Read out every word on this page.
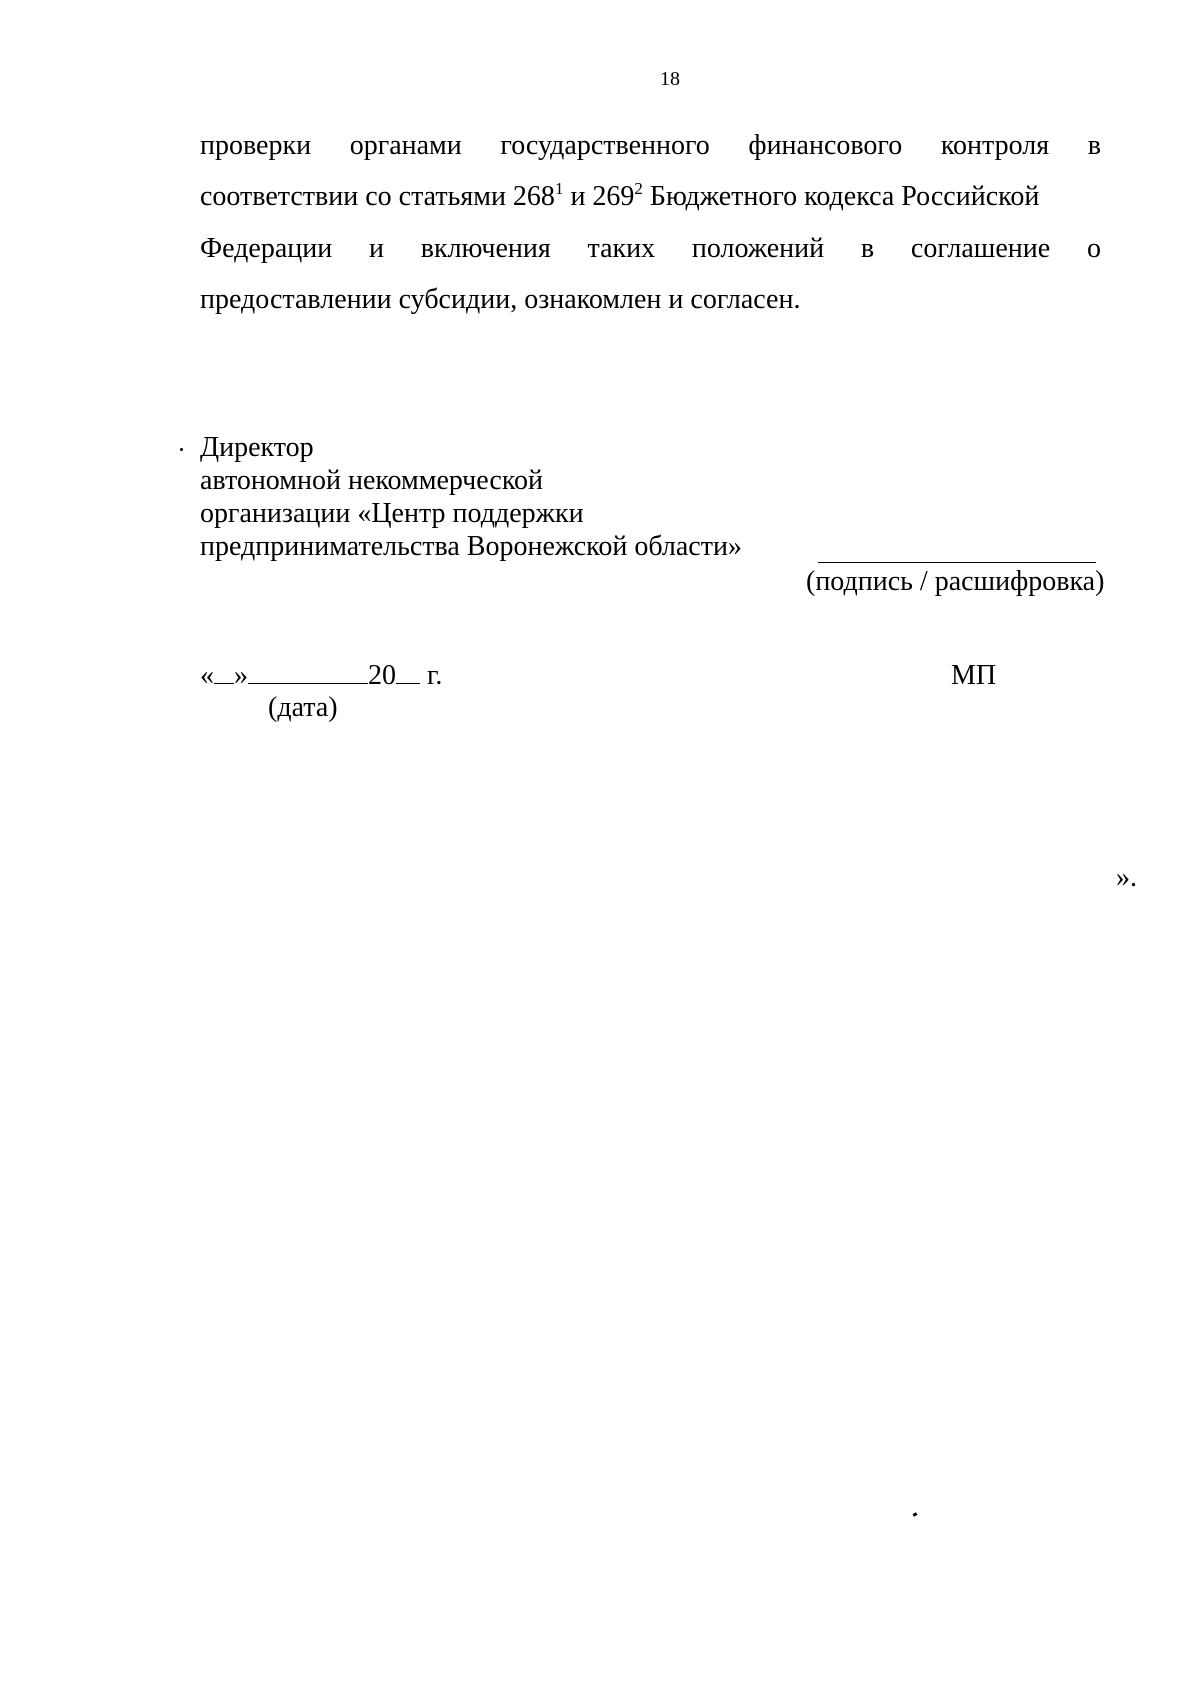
18
проверки органами государственного финансового контроля в
соответствии со статьями $268^1$ и $269^2$ Бюджетного кодекса Российской
Федерации и включения таких положений в соглашение о
предоставлении субсидии, ознакомлен и согласен.
Директор
автономной некоммерческой
организации «Центр поддержки
предпринимательства Воронежской области»
(подпись / расшифровка)
« »	20 г.
(дата)
МП
».
